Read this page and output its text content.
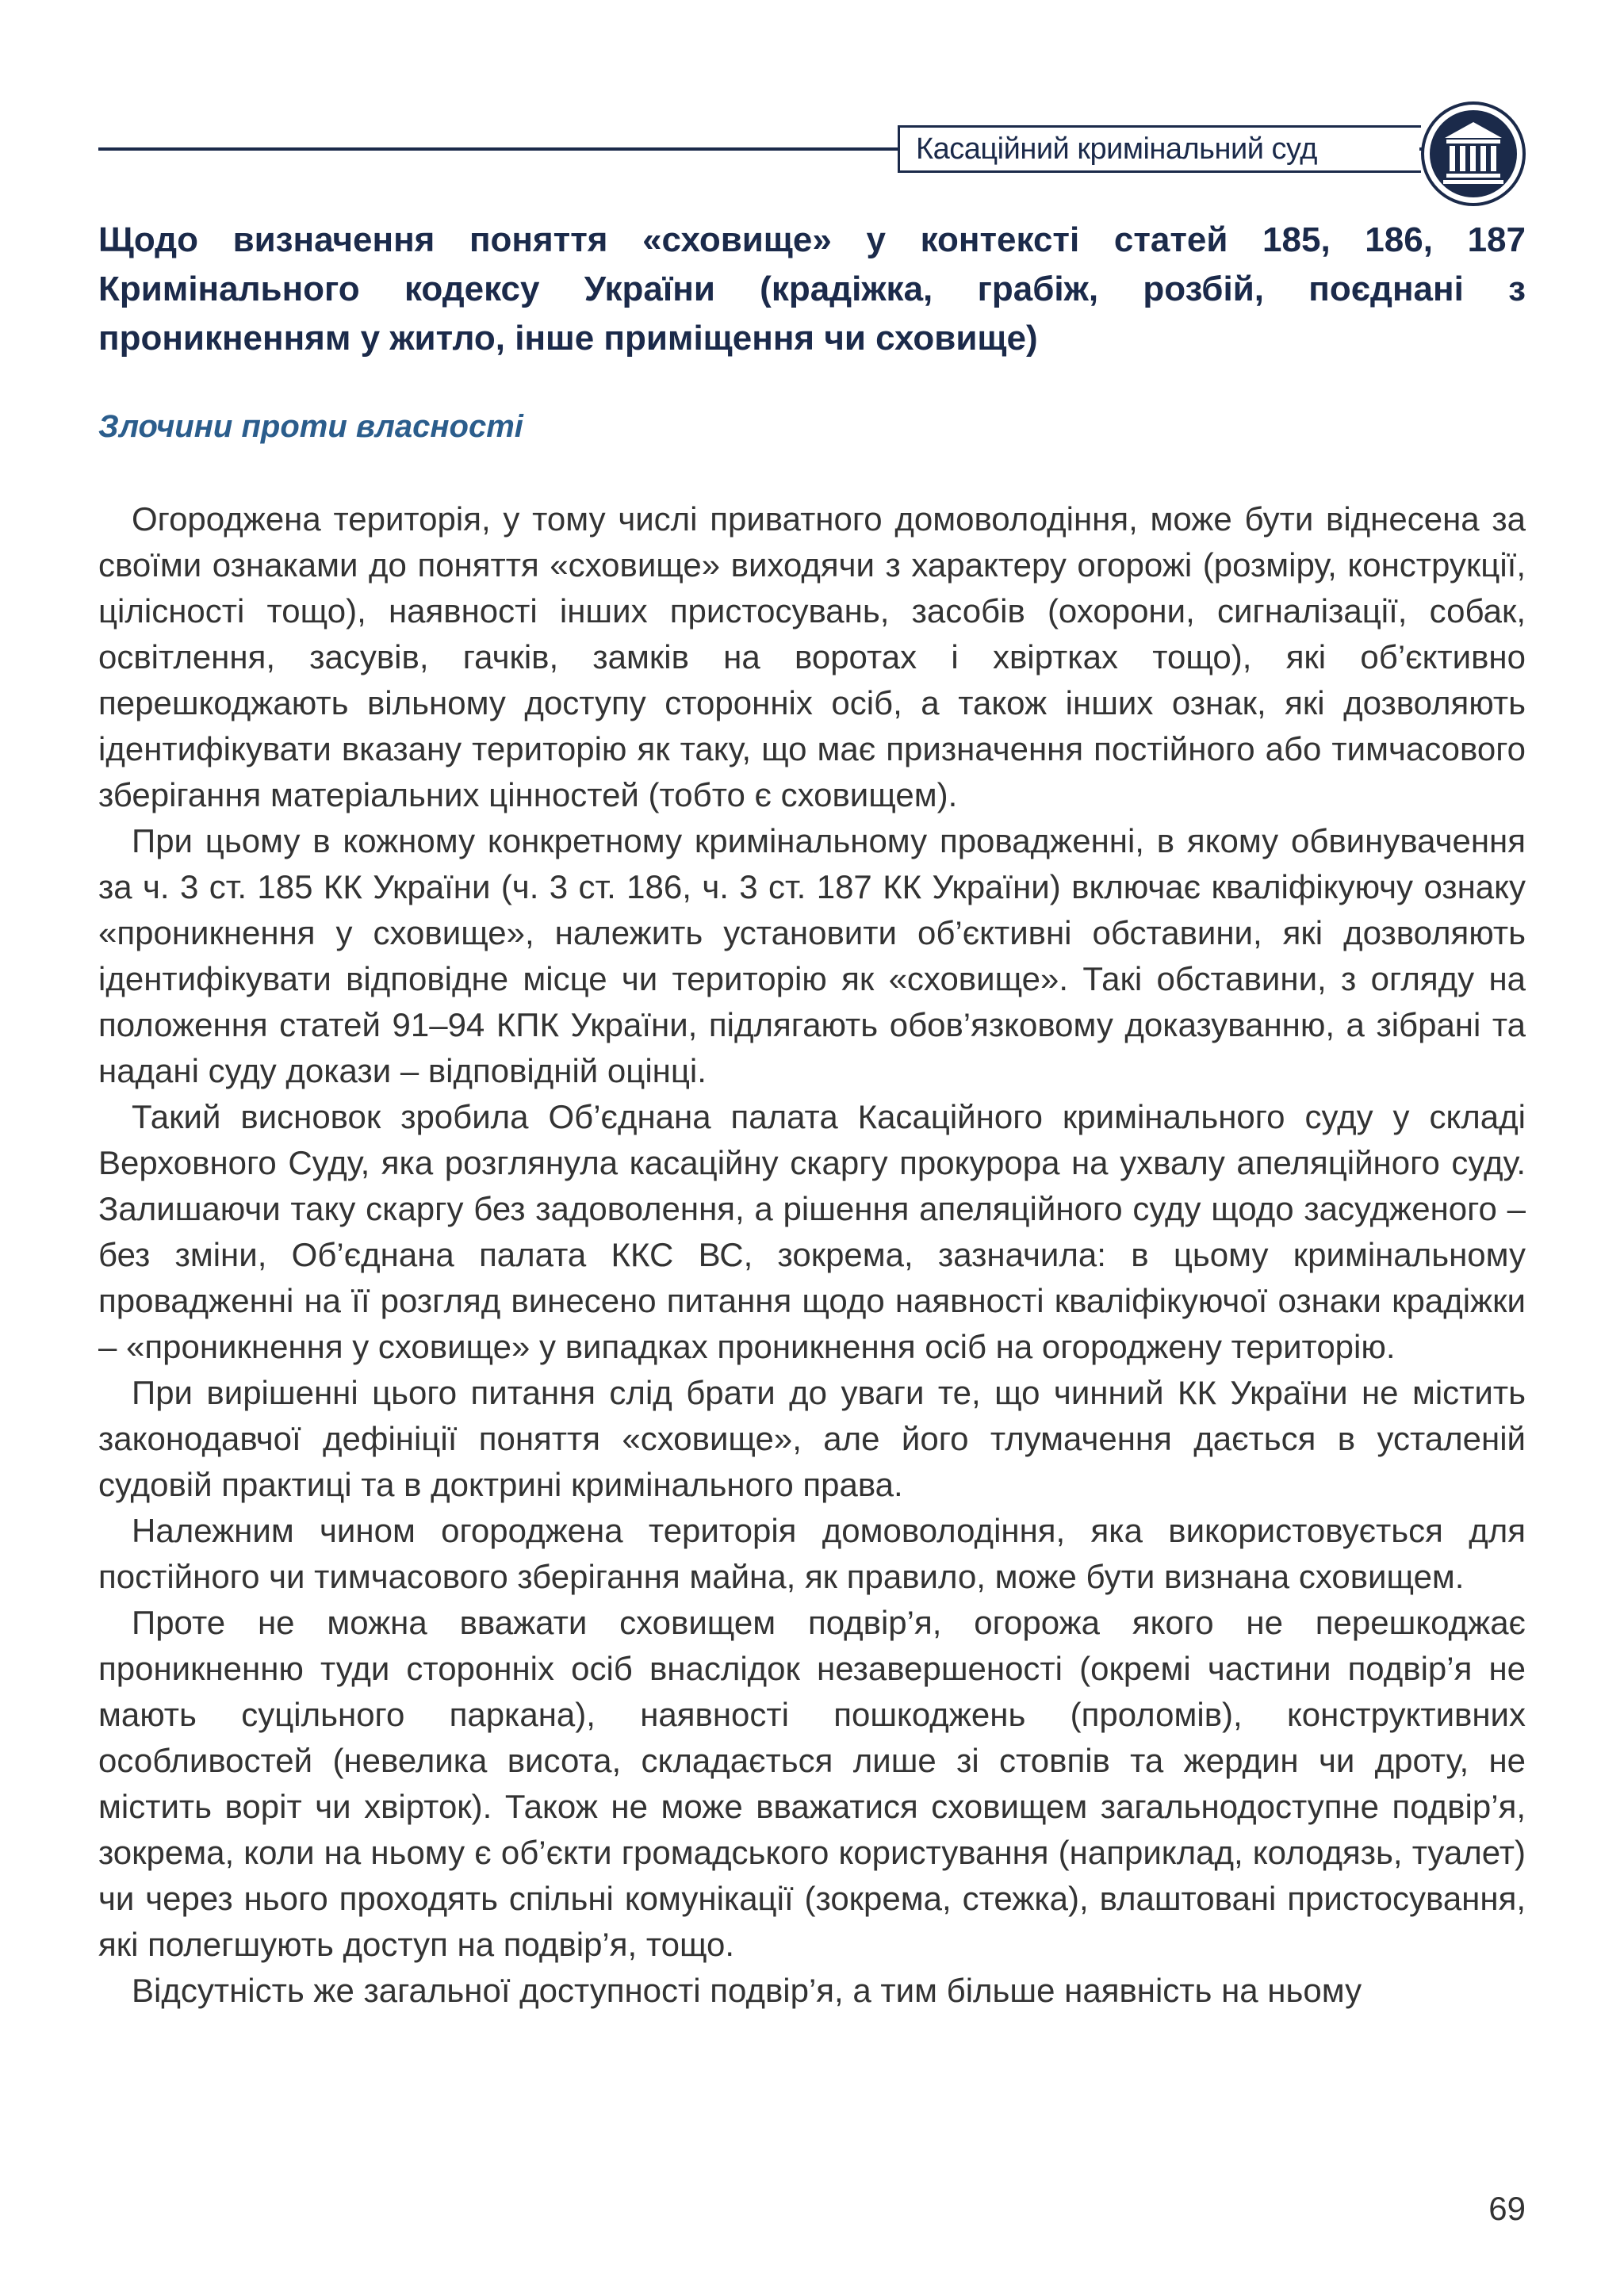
Касаційний кримінальний суд
Щодо визначення поняття «сховище» у контексті статей 185, 186, 187 Кримінального кодексу України (крадіжка, грабіж, розбій, поєднані з проникненням у житло, інше приміщення чи сховище)
Злочини проти власності

Огороджена територія, у тому числі приватного домоволодіння, може бути віднесена за своїми ознаками до поняття «сховище» виходячи з характеру огорожі (розміру, конструкції, цілісності тощо), наявності інших пристосувань, засобів (охорони, сигналізації, собак, освітлення, засувів, гачків, замків на воротах і хвіртках тощо), які об’єктивно перешкоджають вільному доступу сторонніх осіб, а також інших ознак, які дозволяють ідентифікувати вказану територію як таку, що має призначення постійного або тимчасового зберігання матеріальних цінностей (тобто є сховищем).

При цьому в кожному конкретному кримінальному провадженні, в якому обвинувачення за ч. 3 ст. 185 КК України (ч. 3 ст. 186, ч. 3 ст. 187 КК України) включає кваліфікуючу ознаку «проникнення у сховище», належить установити об’єктивні обставини, які дозволяють ідентифікувати відповідне місце чи територію як «сховище». Такі обставини, з огляду на положення статей 91–94 КПК України, підлягають обов’язковому доказуванню, а зібрані та надані суду докази – відповідній оцінці.

Такий висновок зробила Об’єднана палата Касаційного кримінального суду у складі Верховного Суду, яка розглянула касаційну скаргу прокурора на ухвалу апеляційного суду. Залишаючи таку скаргу без задоволення, а рішення апеляційного суду щодо засудженого – без зміни, Об’єднана палата ККС ВС, зокрема, зазначила: в цьому кримінальному провадженні на її розгляд винесено питання щодо наявності кваліфікуючої ознаки крадіжки – «проникнення у сховище» у випадках проникнення осіб на огороджену територію.

При вирішенні цього питання слід брати до уваги те, що чинний КК України не містить законодавчої дефініції поняття «сховище», але його тлумачення дається в усталеній судовій практиці та в доктрині кримінального права.

Належним чином огороджена територія домоволодіння, яка використовується для постійного чи тимчасового зберігання майна, як правило, може бути визнана сховищем.

Проте не можна вважати сховищем подвір’я, огорожа якого не перешкоджає проникненню туди сторонніх осіб внаслідок незавершеності (окремі частини подвір’я не мають суцільного паркана), наявності пошкоджень (проломів), конструктивних особливостей (невелика висота, складається лише зі стовпів та жердин чи дроту, не містить воріт чи хвірток). Також не може вважатися сховищем загальнодоступне подвір’я, зокрема, коли на ньому є об’єкти громадського користування (наприклад, колодязь, туалет) чи через нього проходять спільні комунікації (зокрема, стежка), влаштовані пристосування, які полегшують доступ на подвір’я, тощо.

Відсутність же загальної доступності подвір’я, а тим більше наявність на ньому

69
